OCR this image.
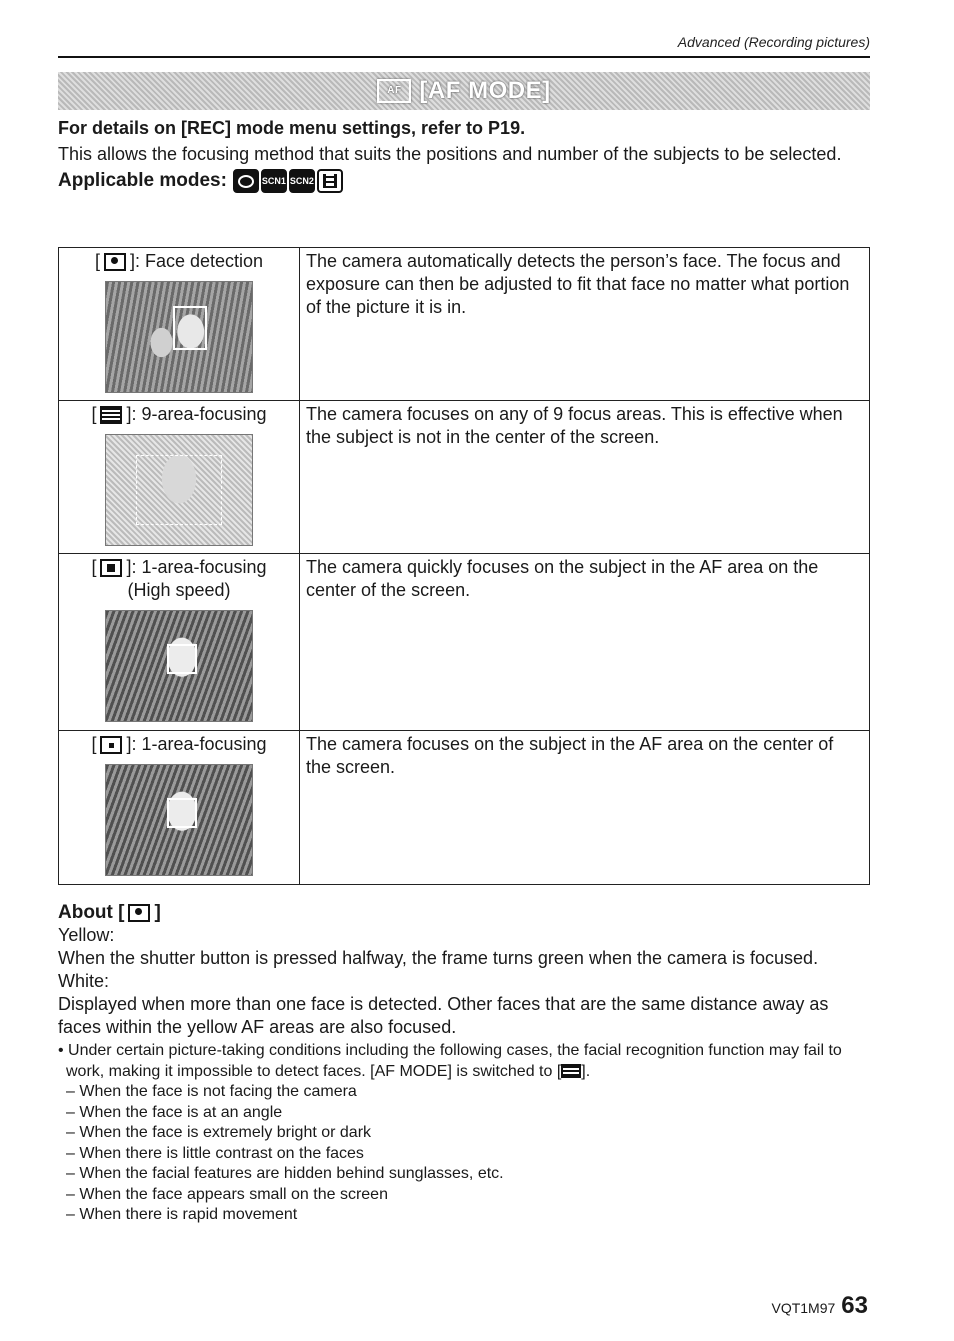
Advanced (Recording pictures)
AF [AF MODE]

For details on [REC] mode menu settings, refer to P19.

This allows the focusing method that suits the positions and number of the subjects to be selected.

Applicable modes:	SCN1 SCN2
[ ]: Face detection	The camera automatically detects the person’s face. The focus and exposure can then be adjusted to fit that face no matter what portion of the picture it is in.

[ ]: 9-area-focusing	The camera focuses on any of 9 focus areas. This is effective when the subject is not in the center of the screen.

[ ]: 1-area-focusing
(High speed)	The camera quickly focuses on the subject in the AF area on the center of the screen.

[ ]: 1-area-focusing	The camera focuses on the subject in the AF area on the center of the screen.
About [ ]

Yellow:

When the shutter button is pressed halfway, the frame turns green when the camera is focused.

White:

Displayed when more than one face is detected. Other faces that are the same distance away as faces within the yellow AF areas are also focused.

• Under certain picture-taking conditions including the following cases, the facial recognition function may fail to work, making it impossible to detect faces. [AF MODE] is switched to [ ].

– When the face is not facing the camera
– When the face is at an angle
– When the face is extremely bright or dark
– When there is little contrast on the faces
– When the facial features are hidden behind sunglasses, etc.
– When the face appears small on the screen
– When there is rapid movement
VQT1M97 63
